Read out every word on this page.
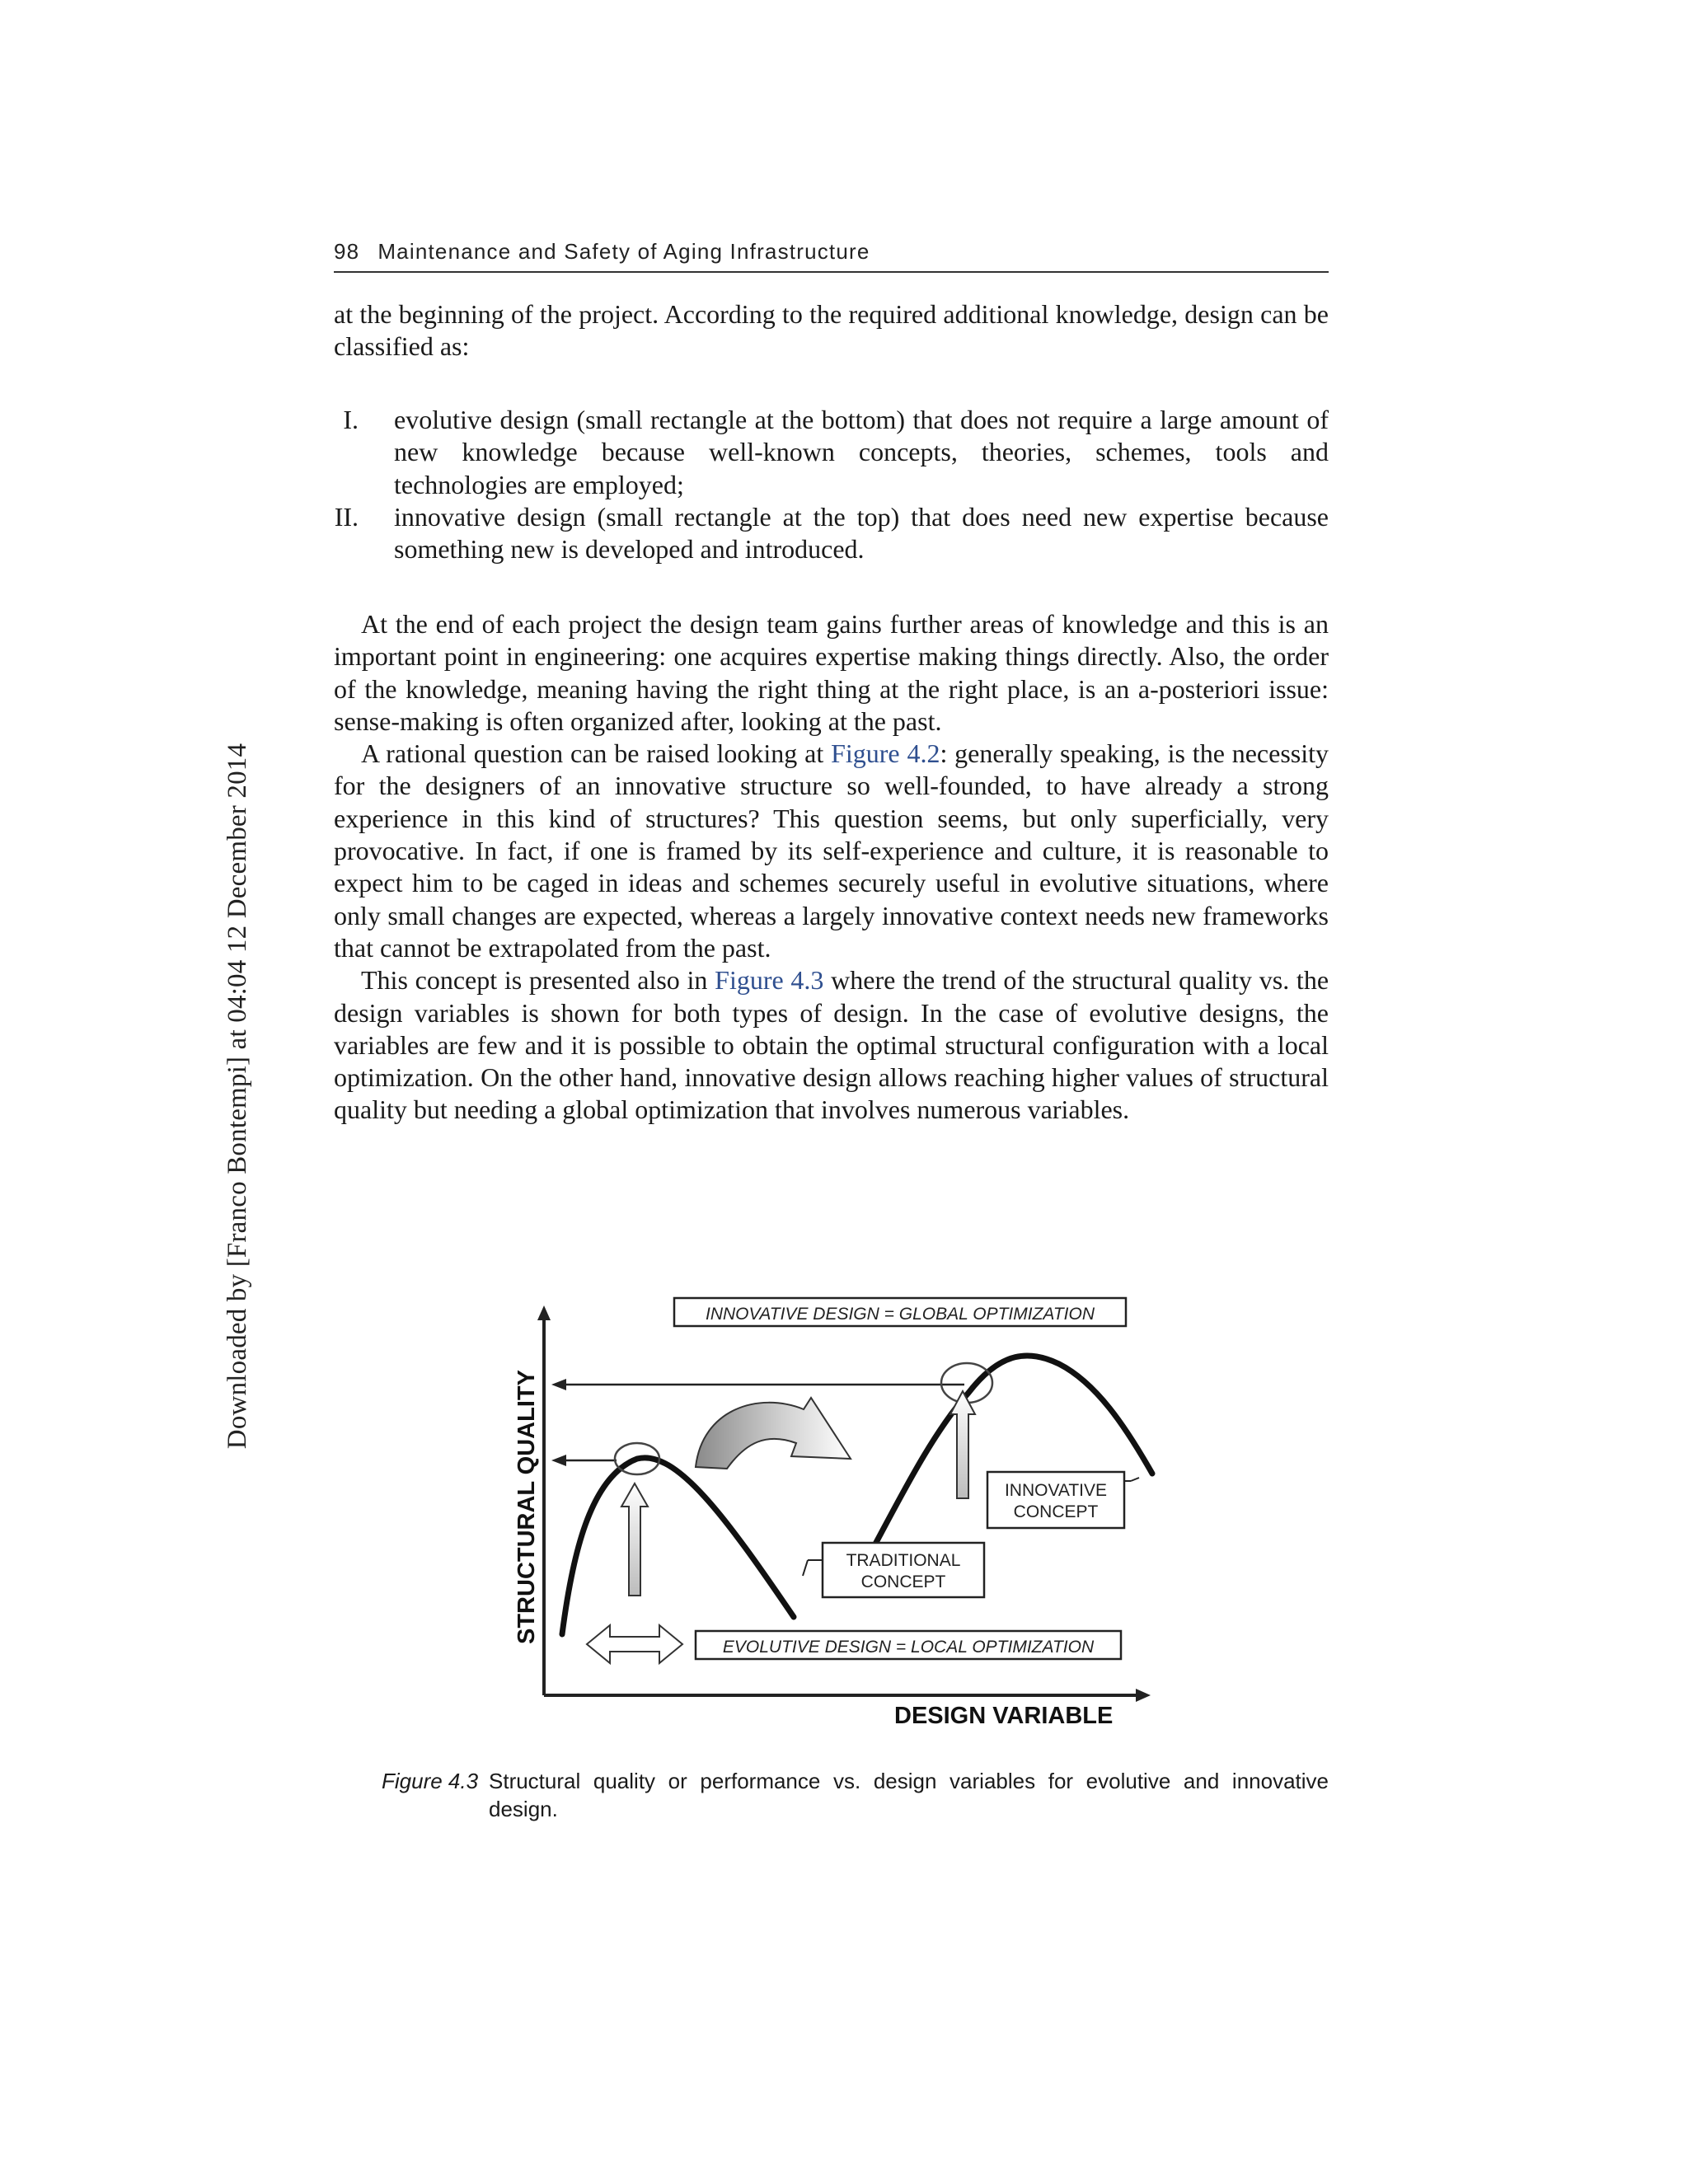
Downloaded by [Franco Bontempi] at 04:04 12 December 2014
98 Maintenance and Safety of Aging Infrastructure

at the beginning of the project. According to the required additional knowledge, design can be classified as:

I. evolutive design (small rectangle at the bottom) that does not require a large amount of new knowledge because well-known concepts, theories, schemes, tools and technologies are employed;

II. innovative design (small rectangle at the top) that does need new expertise because something new is developed and introduced.

At the end of each project the design team gains further areas of knowledge and this is an important point in engineering: one acquires expertise making things directly. Also, the order of the knowledge, meaning having the right thing at the right place, is an a-posteriori issue: sense-making is often organized after, looking at the past.

A rational question can be raised looking at Figure 4.2: generally speaking, is the necessity for the designers of an innovative structure so well-founded, to have already a strong experience in this kind of structures? This question seems, but only superficially, very provocative. In fact, if one is framed by its self-experience and culture, it is reasonable to expect him to be caged in ideas and schemes securely useful in evolutive situations, where only small changes are expected, whereas a largely innovative context needs new frameworks that cannot be extrapolated from the past.

This concept is presented also in Figure 4.3 where the trend of the structural quality vs. the design variables is shown for both types of design. In the case of evolutive designs, the variables are few and it is possible to obtain the optimal structural configuration with a local optimization. On the other hand, innovative design allows reaching higher values of structural quality but needing a global optimization that involves numerous variables.

STRUCTURAL QUALITY
DESIGN VARIABLE
INNOVATIVE DESIGN = GLOBAL OPTIMIZATION
TRADITIONAL
CONCEPT
INNOVATIVE
CONCEPT
EVOLUTIVE DESIGN = LOCAL OPTIMIZATION
Figure 4.3 Structural quality or performance vs. design variables for evolutive and innovative design.
